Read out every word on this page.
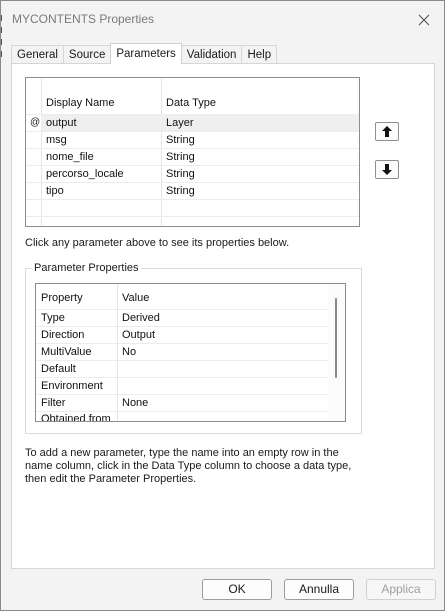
MYCONTENTS Properties
General Source Parameters Validation Help
Display Name	Data Type
@ output	Layer
msg	String
nome_file	String
percorso_locale	String
tipo	String
Click any parameter above to see its properties below.
Parameter Properties
Property	Value
Type	Derived
Direction	Output
MultiValue	No
Default
Environment
Filter	None
Obtained from
To add a new parameter, type the name into an empty row in the
name column, click in the Data Type column to choose a data type,
then edit the Parameter Properties.
OK	Annulla	Applica
